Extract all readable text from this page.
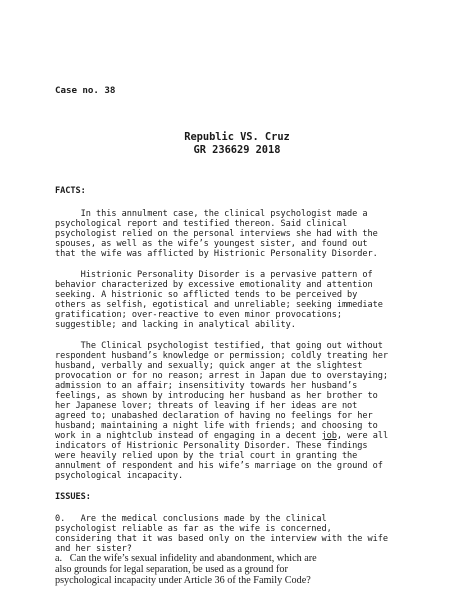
Case no. 38
Republic VS. Cruz
GR 236629 2018
FACTS:
In this annulment case, the clinical psychologist made a
psychological report and testified thereon. Said clinical
psychologist relied on the personal interviews she had with the
spouses, as well as the wife’s youngest sister, and found out
that the wife was afflicted by Histrionic Personality Disorder.
Histrionic Personality Disorder is a pervasive pattern of
behavior characterized by excessive emotionality and attention
seeking. A histrionic so afflicted tends to be perceived by
others as selfish, egotistical and unreliable; seeking immediate
gratification; over-reactive to even minor provocations;
suggestible; and lacking in analytical ability.
The Clinical psychologist testified, that going out without
respondent husband’s knowledge or permission; coldly treating her
husband, verbally and sexually; quick anger at the slightest
provocation or for no reason; arrest in Japan due to overstaying;
admission to an affair; insensitivity towards her husband’s
feelings, as shown by introducing her husband as her brother to
her Japanese lover; threats of leaving if her ideas are not
agreed to; unabashed declaration of having no feelings for her
husband; maintaining a night life with friends; and choosing to
work in a nightclub instead of engaging in a decent job, were all
indicators of Histrionic Personality Disorder. These findings
were heavily relied upon by the trial court in granting the
annulment of respondent and his wife’s marriage on the ground of
psychological incapacity.
ISSUES:
0.   Are the medical conclusions made by the clinical
psychologist reliable as far as the wife is concerned,
considering that it was based only on the interview with the wife
and her sister?
a.   Can the wife’s sexual infidelity and abandonment, which are
also grounds for legal separation, be used as a ground for
psychological incapacity under Article 36 of the Family Code?
